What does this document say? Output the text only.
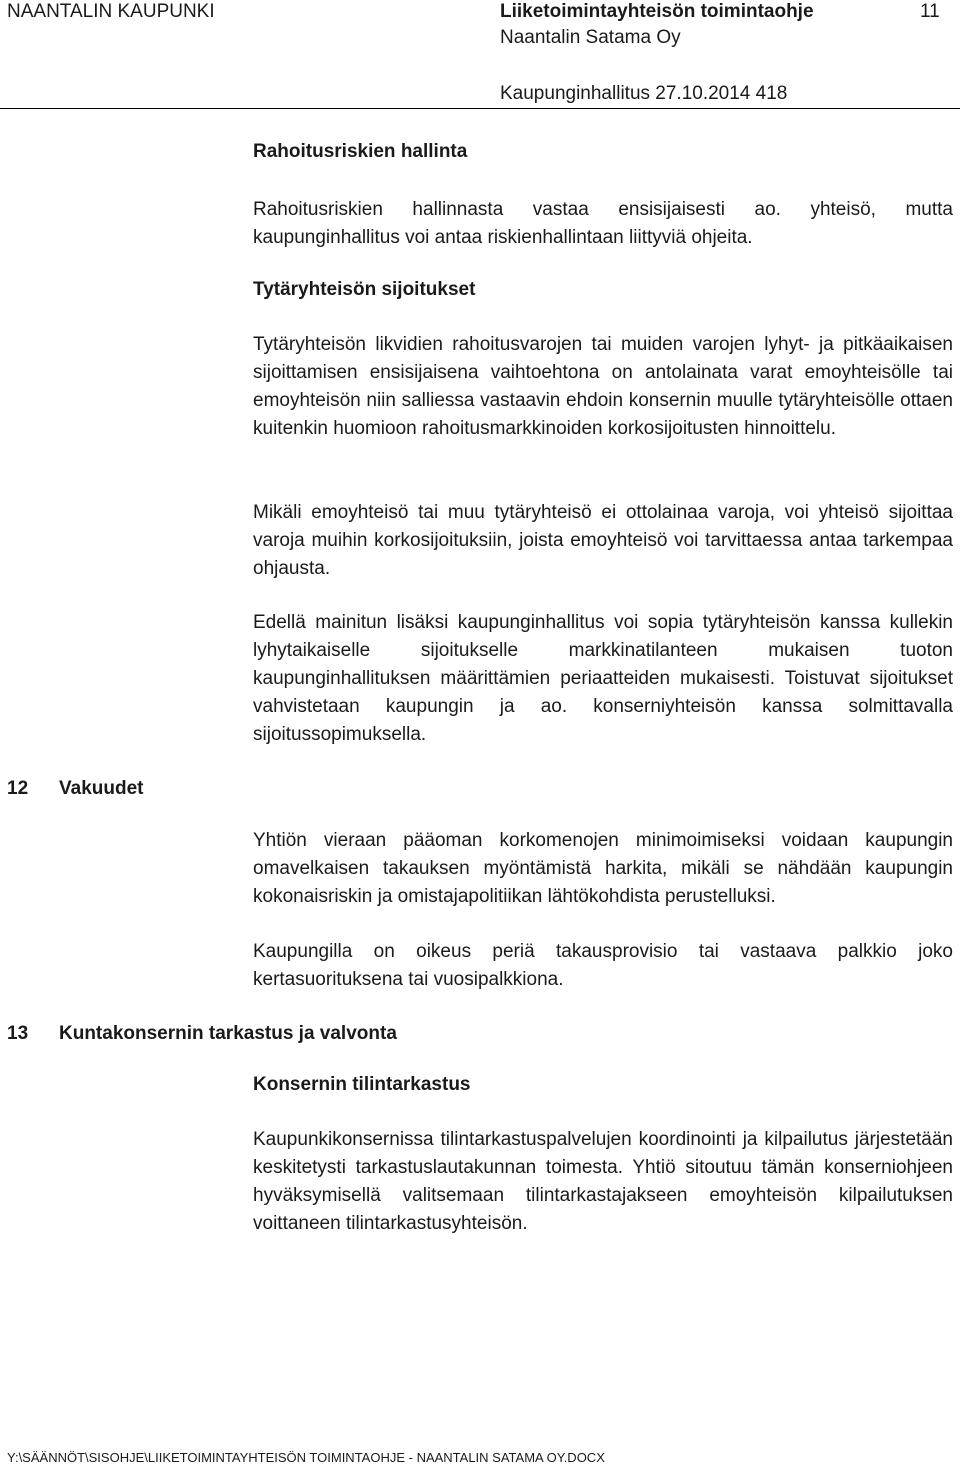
NAANTALIN KAUPUNKI	Liiketoimintayhteisön toimintaohje	11
Naantalin Satama Oy
Kaupunginhallitus 27.10.2014 418

Rahoitusriskien hallinta

Rahoitusriskien hallinnasta vastaa ensisijaisesti ao. yhteisö, mutta kaupunginhallitus voi antaa riskienhallintaan liittyviä ohjeita.

Tytäryhteisön sijoitukset

Tytäryhteisön likvidien rahoitusvarojen tai muiden varojen lyhyt- ja pitkäaikaisen sijoittamisen ensisijaisena vaihtoehtona on antolainata varat emoyhteisölle tai emoyhteisön niin salliessa vastaavin ehdoin konsernin muulle tytäryhteisölle ottaen kuitenkin huomioon rahoitusmarkkinoiden korkosijoitusten hinnoittelu.

Mikäli emoyhteisö tai muu tytäryhteisö ei ottolainaa varoja, voi yhteisö sijoittaa varoja muihin korkosijoituksiin, joista emoyhteisö voi tarvittaessa antaa tarkempaa ohjausta.

Edellä mainitun lisäksi kaupunginhallitus voi sopia tytäryhteisön kanssa kullekin lyhytaikaiselle sijoitukselle markkinatilanteen mukaisen tuoton kaupunginhallituksen määrittämien periaatteiden mukaisesti. Toistuvat sijoitukset vahvistetaan kaupungin ja ao. konserniyhteisön kanssa solmittavalla sijoitussopimuksella.

12 Vakuudet

Yhtiön vieraan pääoman korkomenojen minimoimiseksi voidaan kaupungin omavelkaisen takauksen myöntämistä harkita, mikäli se nähdään kaupungin kokonaisriskin ja omistajapolitiikan lähtökohdista perustelluksi.

Kaupungilla on oikeus periä takausprovisio tai vastaava palkkio joko kertasuorituksena tai vuosipalkkiona.

13 Kuntakonsernin tarkastus ja valvonta

Konsernin tilintarkastus

Kaupunkikonsernissa tilintarkastuspalvelujen koordinointi ja kilpailutus järjestetään keskitetysti tarkastuslautakunnan toimesta. Yhtiö sitoutuu tämän konserniohjeen hyväksymisellä valitsemaan tilintarkastajakseen emoyhteisön kilpailutuksen voittaneen tilintarkastusyhteisön.

Y:\SÄÄNNÖT\SISOHJE\LIIKETOIMINTAYHTEISÖN TOIMINTAOHJE - NAANTALIN SATAMA OY.DOCX
